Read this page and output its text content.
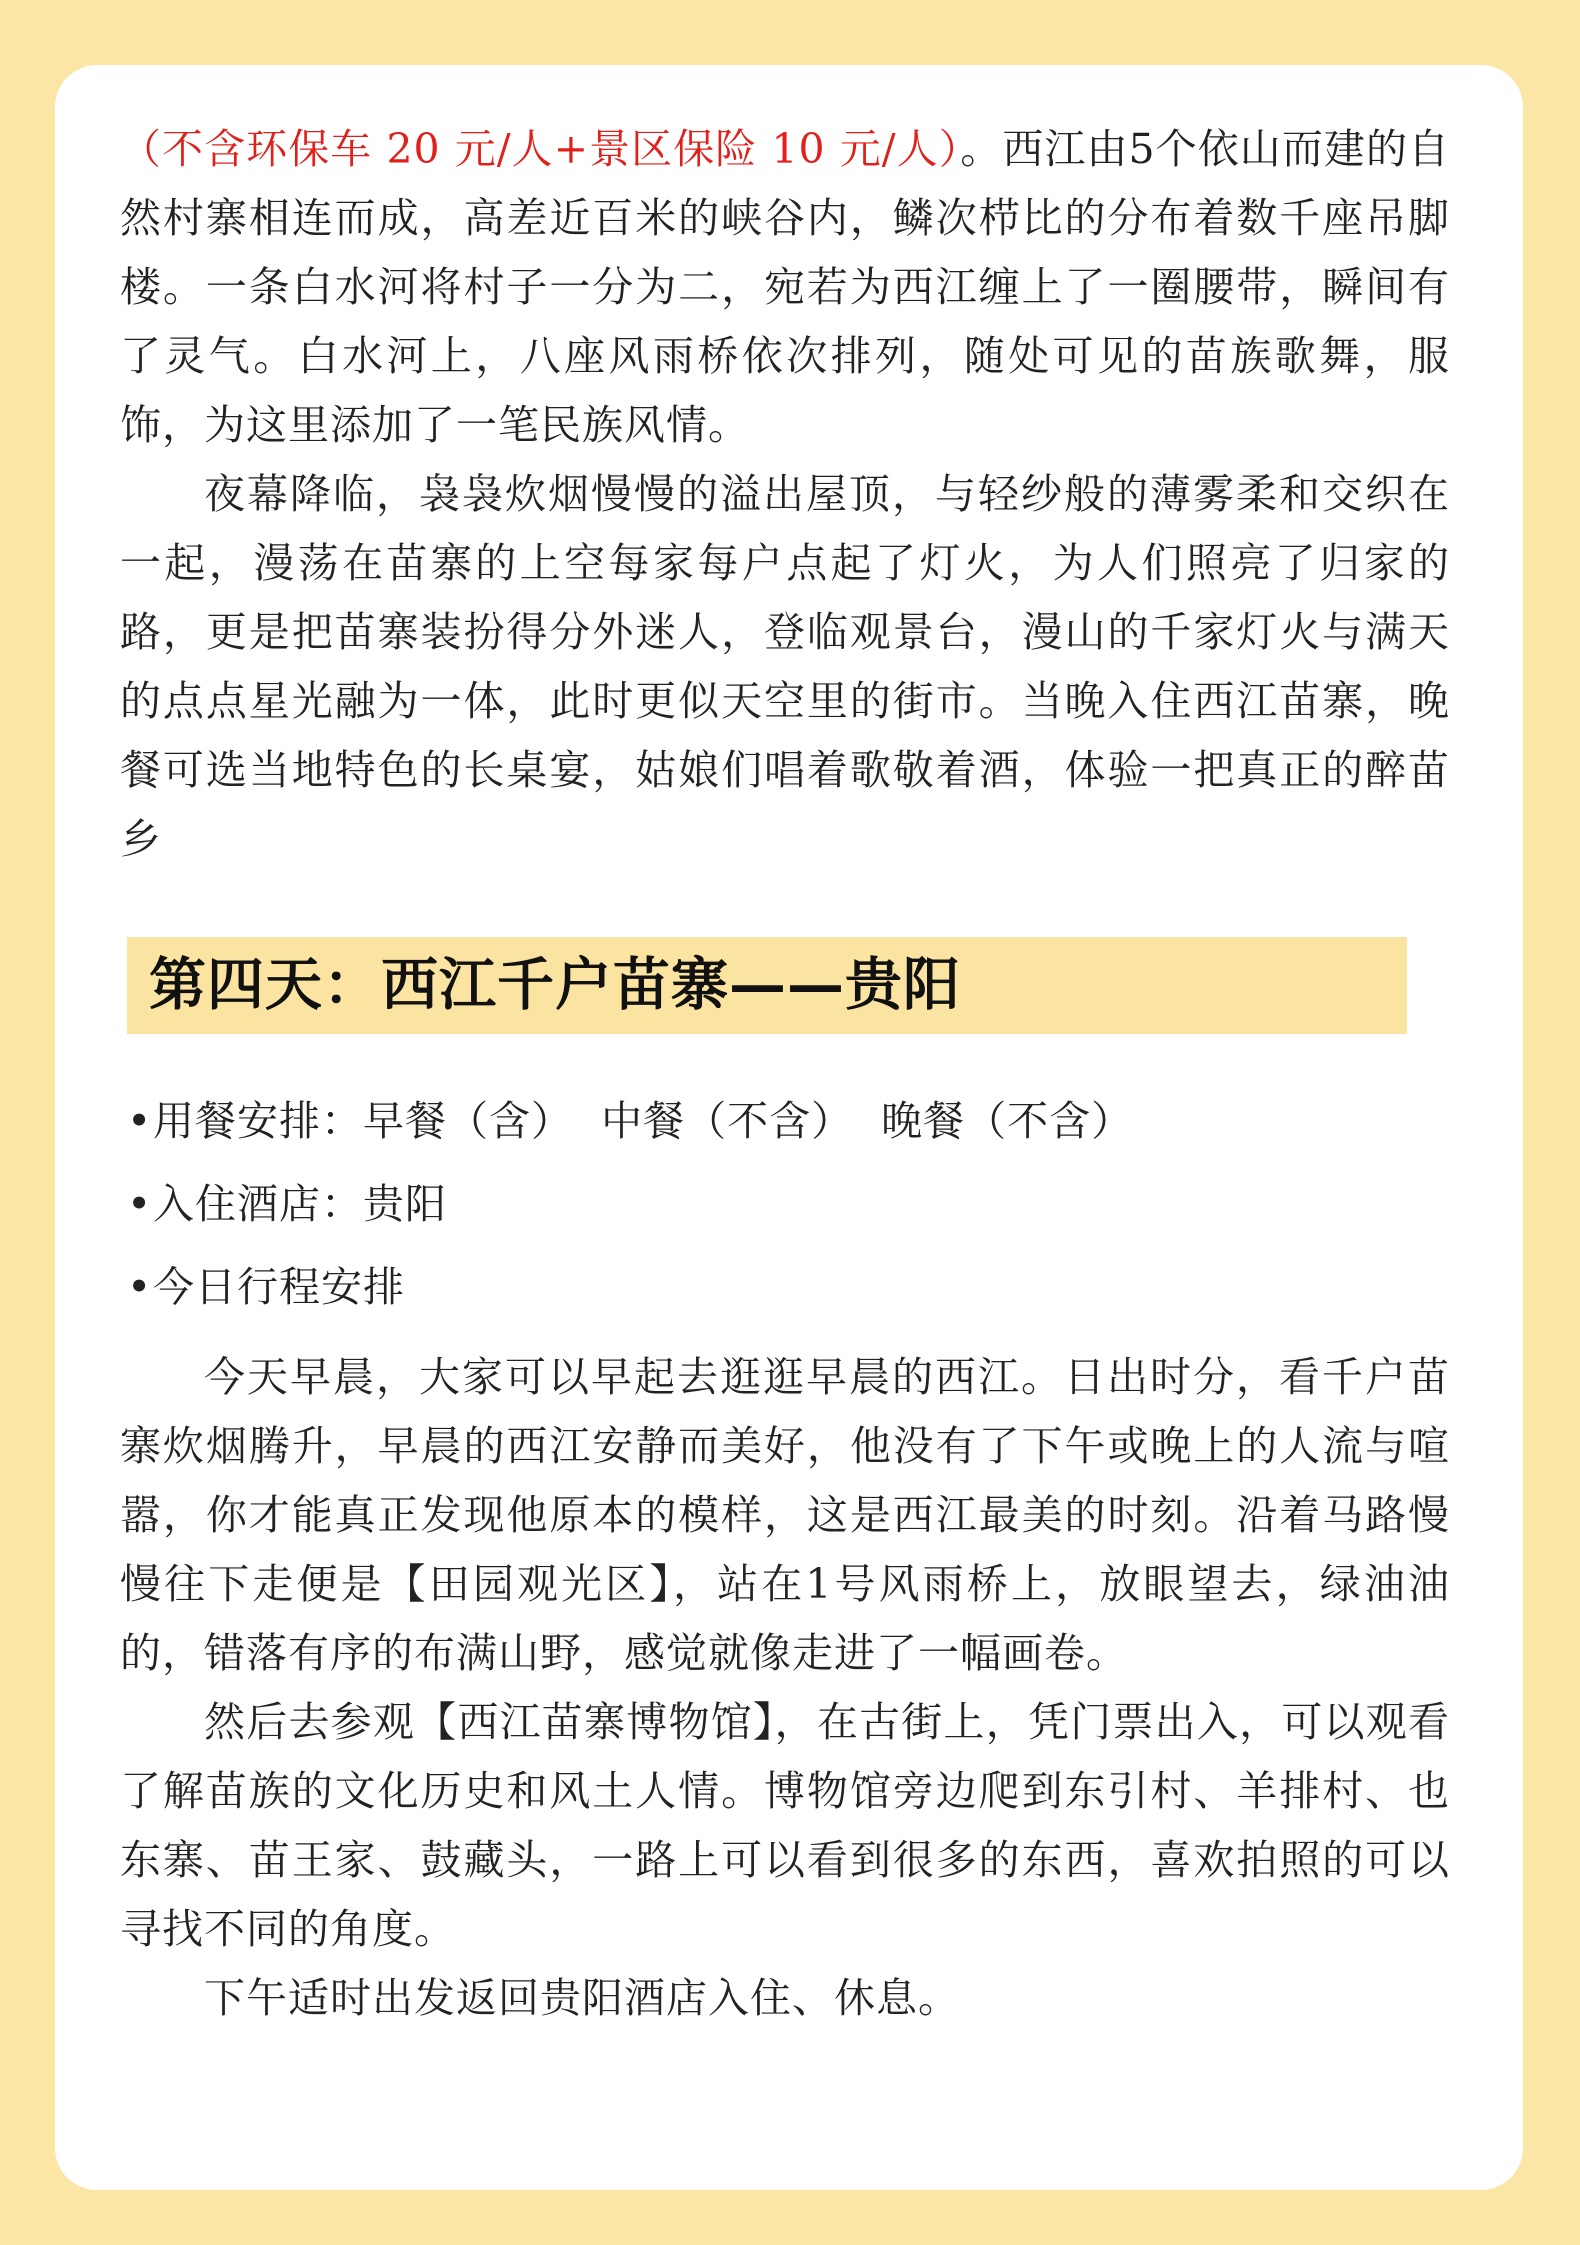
（不含环保车 20 元/人+景区保险 10 元/人）。西江由5个依山而建的自然村寨相连而成，高差近百米的峡谷内，鳞次栉比的分布着数千座吊脚楼。一条白水河将村子一分为二，宛若为西江缠上了一圈腰带，瞬间有了灵气。白水河上，八座风雨桥依次排列，随处可见的苗族歌舞，服饰，为这里添加了一笔民族风情。

夜幕降临，袅袅炊烟慢慢的溢出屋顶，与轻纱般的薄雾柔和交织在一起，漫荡在苗寨的上空每家每户点起了灯火，为人们照亮了归家的路，更是把苗寨装扮得分外迷人，登临观景台，漫山的千家灯火与满天的点点星光融为一体，此时更似天空里的街市。当晚入住西江苗寨，晚餐可选当地特色的长桌宴，姑娘们唱着歌敬着酒，体验一把真正的醉苗乡

第四天：西江千户苗寨——贵阳
• 用餐安排：早餐（含）  中餐（不含）  晚餐（不含）
• 入住酒店：贵阳
• 今日行程安排

今天早晨，大家可以早起去逛逛早晨的西江。日出时分，看千户苗寨炊烟腾升，早晨的西江安静而美好，他没有了下午或晚上的人流与喧嚣，你才能真正发现他原本的模样，这是西江最美的时刻。沿着马路慢慢往下走便是【田园观光区】，站在1号风雨桥上，放眼望去，绿油油的，错落有序的布满山野，感觉就像走进了一幅画卷。

然后去参观【西江苗寨博物馆】，在古街上，凭门票出入，可以观看了解苗族的文化历史和风土人情。博物馆旁边爬到东引村、羊排村、也东寨、苗王家、鼓藏头，一路上可以看到很多的东西，喜欢拍照的可以寻找不同的角度。

下午适时出发返回贵阳酒店入住、休息。
